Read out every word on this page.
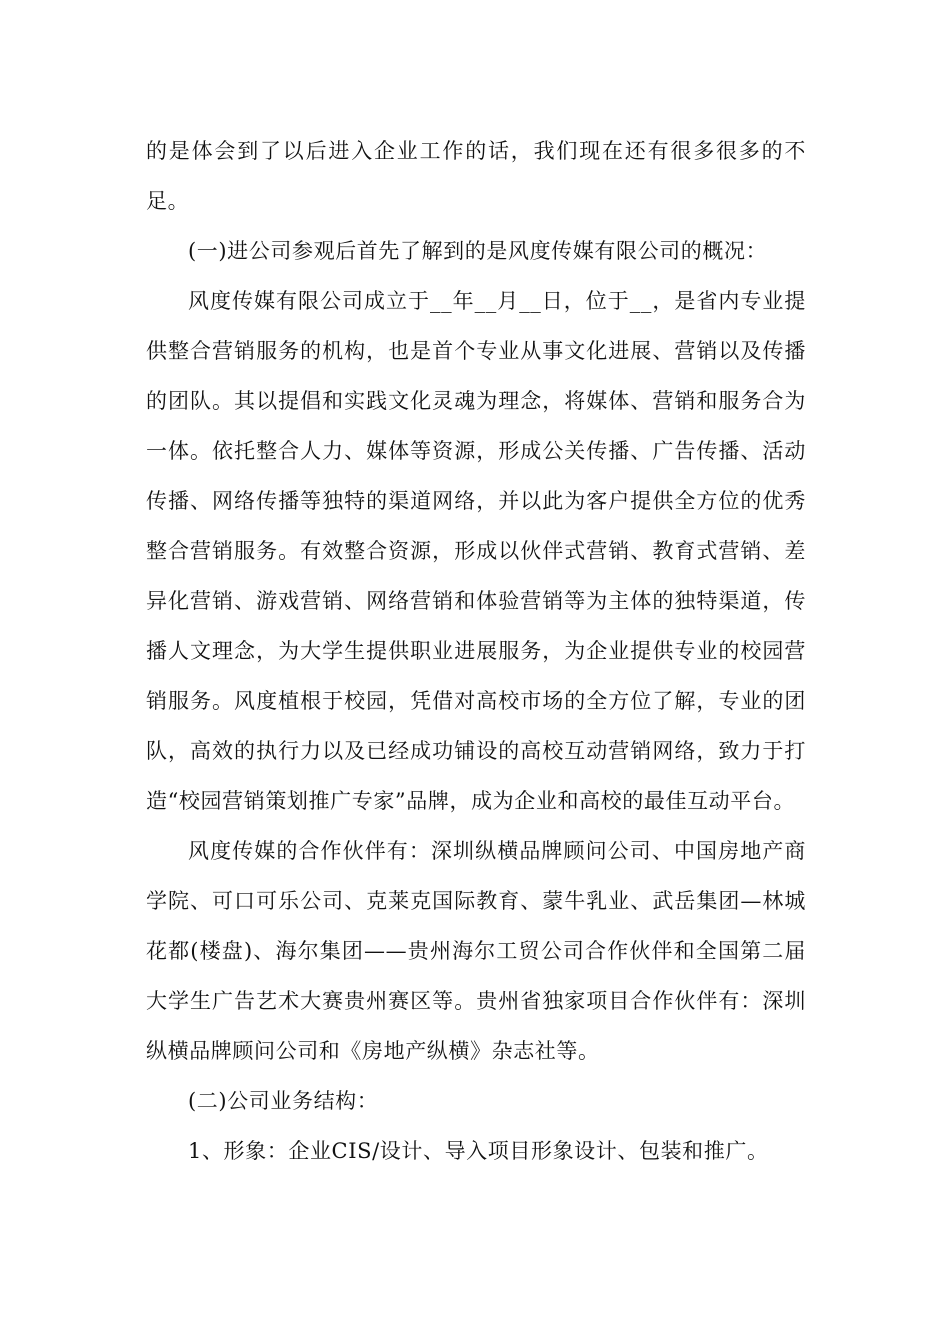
的是体会到了以后进入企业工作的话，我们现在还有很多很多的不足。

(一)进公司参观后首先了解到的是风度传媒有限公司的概况：

风度传媒有限公司成立于__年__月__日，位于__，是省内专业提供整合营销服务的机构，也是首个专业从事文化进展、营销以及传播的团队。其以提倡和实践文化灵魂为理念，将媒体、营销和服务合为一体。依托整合人力、媒体等资源，形成公关传播、广告传播、活动传播、网络传播等独特的渠道网络，并以此为客户提供全方位的优秀整合营销服务。有效整合资源，形成以伙伴式营销、教育式营销、差异化营销、游戏营销、网络营销和体验营销等为主体的独特渠道，传播人文理念，为大学生提供职业进展服务，为企业提供专业的校园营销服务。风度植根于校园，凭借对高校市场的全方位了解，专业的团队，高效的执行力以及已经成功铺设的高校互动营销网络，致力于打造“校园营销策划推广专家”品牌，成为企业和高校的最佳互动平台。

风度传媒的合作伙伴有：深圳纵横品牌顾问公司、中国房地产商学院、可口可乐公司、克莱克国际教育、蒙牛乳业、武岳集团—林城花都(楼盘)、海尔集团——贵州海尔工贸公司合作伙伴和全国第二届大学生广告艺术大赛贵州赛区等。贵州省独家项目合作伙伴有：深圳纵横品牌顾问公司和《房地产纵横》杂志社等。

(二)公司业务结构：

1、形象：企业CIS/设计、导入项目形象设计、包装和推广。
